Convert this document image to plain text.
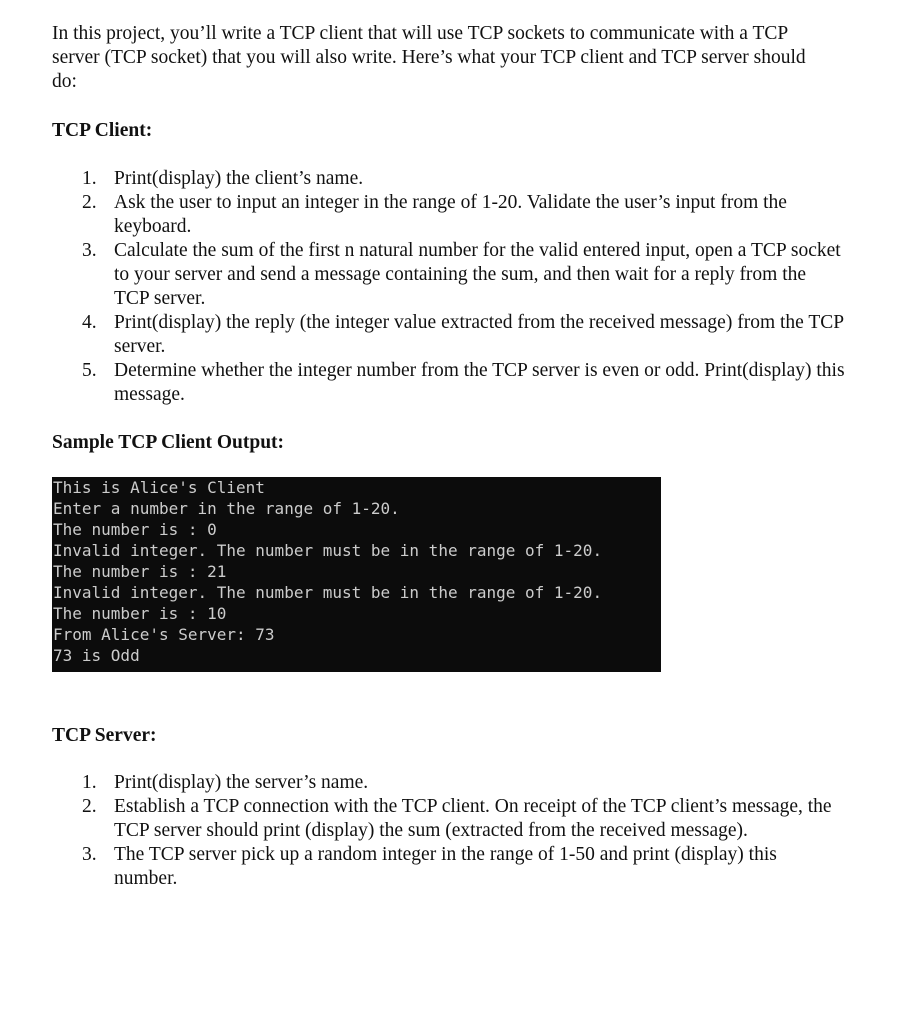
In this project, you’ll write a TCP client that will use TCP sockets to communicate with a TCP server (TCP socket) that you will also write. Here’s what your TCP client and TCP server should do:

TCP Client:
1. Print(display) the client’s name.
2. Ask the user to input an integer in the range of 1-20. Validate the user’s input from the keyboard.
3. Calculate the sum of the first n natural number for the valid entered input, open a TCP socket to your server and send a message containing the sum, and then wait for a reply from the TCP server.
4. Print(display) the reply (the integer value extracted from the received message) from the TCP server.
5. Determine whether the integer number from the TCP server is even or odd. Print(display) this message.
Sample TCP Client Output:
This is Alice's Client
Enter a number in the range of 1-20.
The number is : 0
Invalid integer. The number must be in the range of 1-20.
The number is : 21
Invalid integer. The number must be in the range of 1-20.
The number is : 10
From Alice's Server: 73
73 is Odd
TCP Server:
1. Print(display) the server’s name.
2. Establish a TCP connection with the TCP client. On receipt of the TCP client’s message, the TCP server should print (display) the sum (extracted from the received message).
3. The TCP server pick up a random integer in the range of 1-50 and print (display) this number.
